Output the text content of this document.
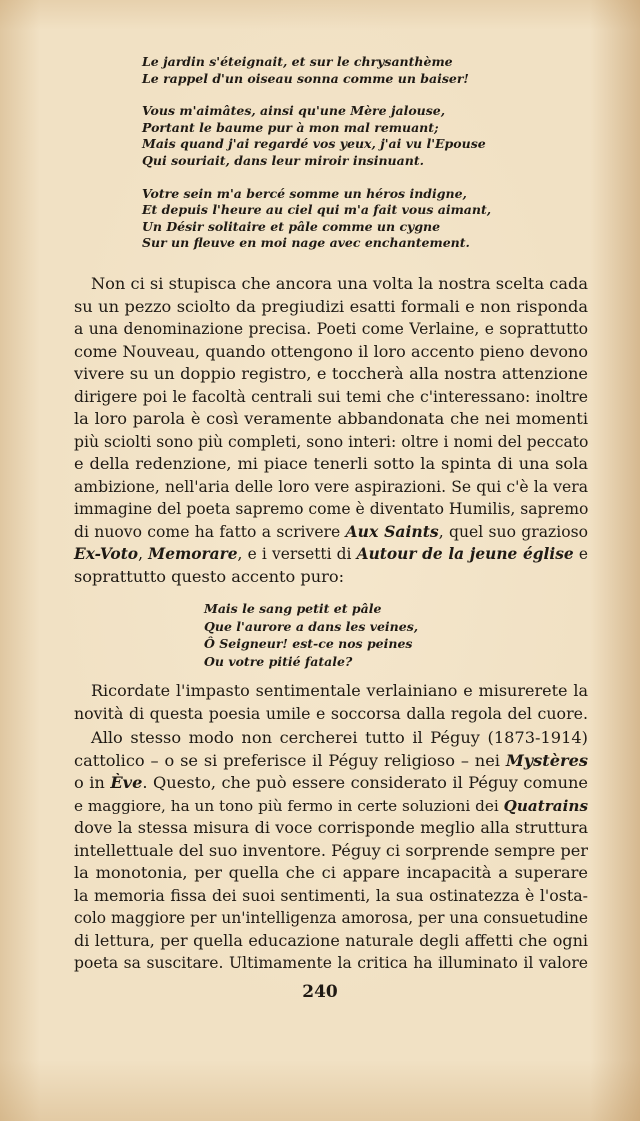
Le jardin s'éteignait, et sur le chrysanthème
Le rappel d'un oiseau sonna comme un baiser!
Vous m'aimâtes, ainsi qu'une Mère jalouse,
Portant le baume pur à mon mal remuant;
Mais quand j'ai regardé vos yeux, j'ai vu l'Epouse
Qui souriait, dans leur miroir insinuant.
Votre sein m'a bercé somme un héros indigne,
Et depuis l'heure au ciel qui m'a fait vous aimant,
Un Désir solitaire et pâle comme un cygne
Sur un fleuve en moi nage avec enchantement.
Non ci si stupisca che ancora una volta la nostra scelta cada
su un pezzo sciolto da pregiudizi esatti formali e non risponda
a una denominazione precisa. Poeti come Verlaine, e soprattutto
come Nouveau, quando ottengono il loro accento pieno devono
vivere su un doppio registro, e toccherà alla nostra attenzione
dirigere poi le facoltà centrali sui temi che c'interessano: inoltre
la loro parola è così veramente abbandonata che nei momenti
più sciolti sono più completi, sono interi: oltre i nomi del peccato
e della redenzione, mi piace tenerli sotto la spinta di una sola
ambizione, nell'aria delle loro vere aspirazioni. Se qui c'è la vera
immagine del poeta sapremo come è diventato Humilis, sapremo
di nuovo come ha fatto a scrivere Aux Saints, quel suo grazioso
Ex-Voto, Memorare, e i versetti di Autour de la jeune église e
soprattutto questo accento puro:
Mais le sang petit et pâle
Que l'aurore a dans les veines,
Ô Seigneur! est-ce nos peines
Ou votre pitié fatale?
Ricordate l'impasto sentimentale verlainiano e misurerete la
novità di questa poesia umile e soccorsa dalla regola del cuore.
Allo stesso modo non cercherei tutto il Péguy (1873-1914)
cattolico – o se si preferisce il Péguy religioso – nei Mystères
o in Ève. Questo, che può essere considerato il Péguy comune
e maggiore, ha un tono più fermo in certe soluzioni dei Quatrains
dove la stessa misura di voce corrisponde meglio alla struttura
intellettuale del suo inventore. Péguy ci sorprende sempre per
la monotonia, per quella che ci appare incapacità a superare
la memoria fissa dei suoi sentimenti, la sua ostinatezza è l'osta-
colo maggiore per un'intelligenza amorosa, per una consuetudine
di lettura, per quella educazione naturale degli affetti che ogni
poeta sa suscitare. Ultimamente la critica ha illuminato il valore
240
